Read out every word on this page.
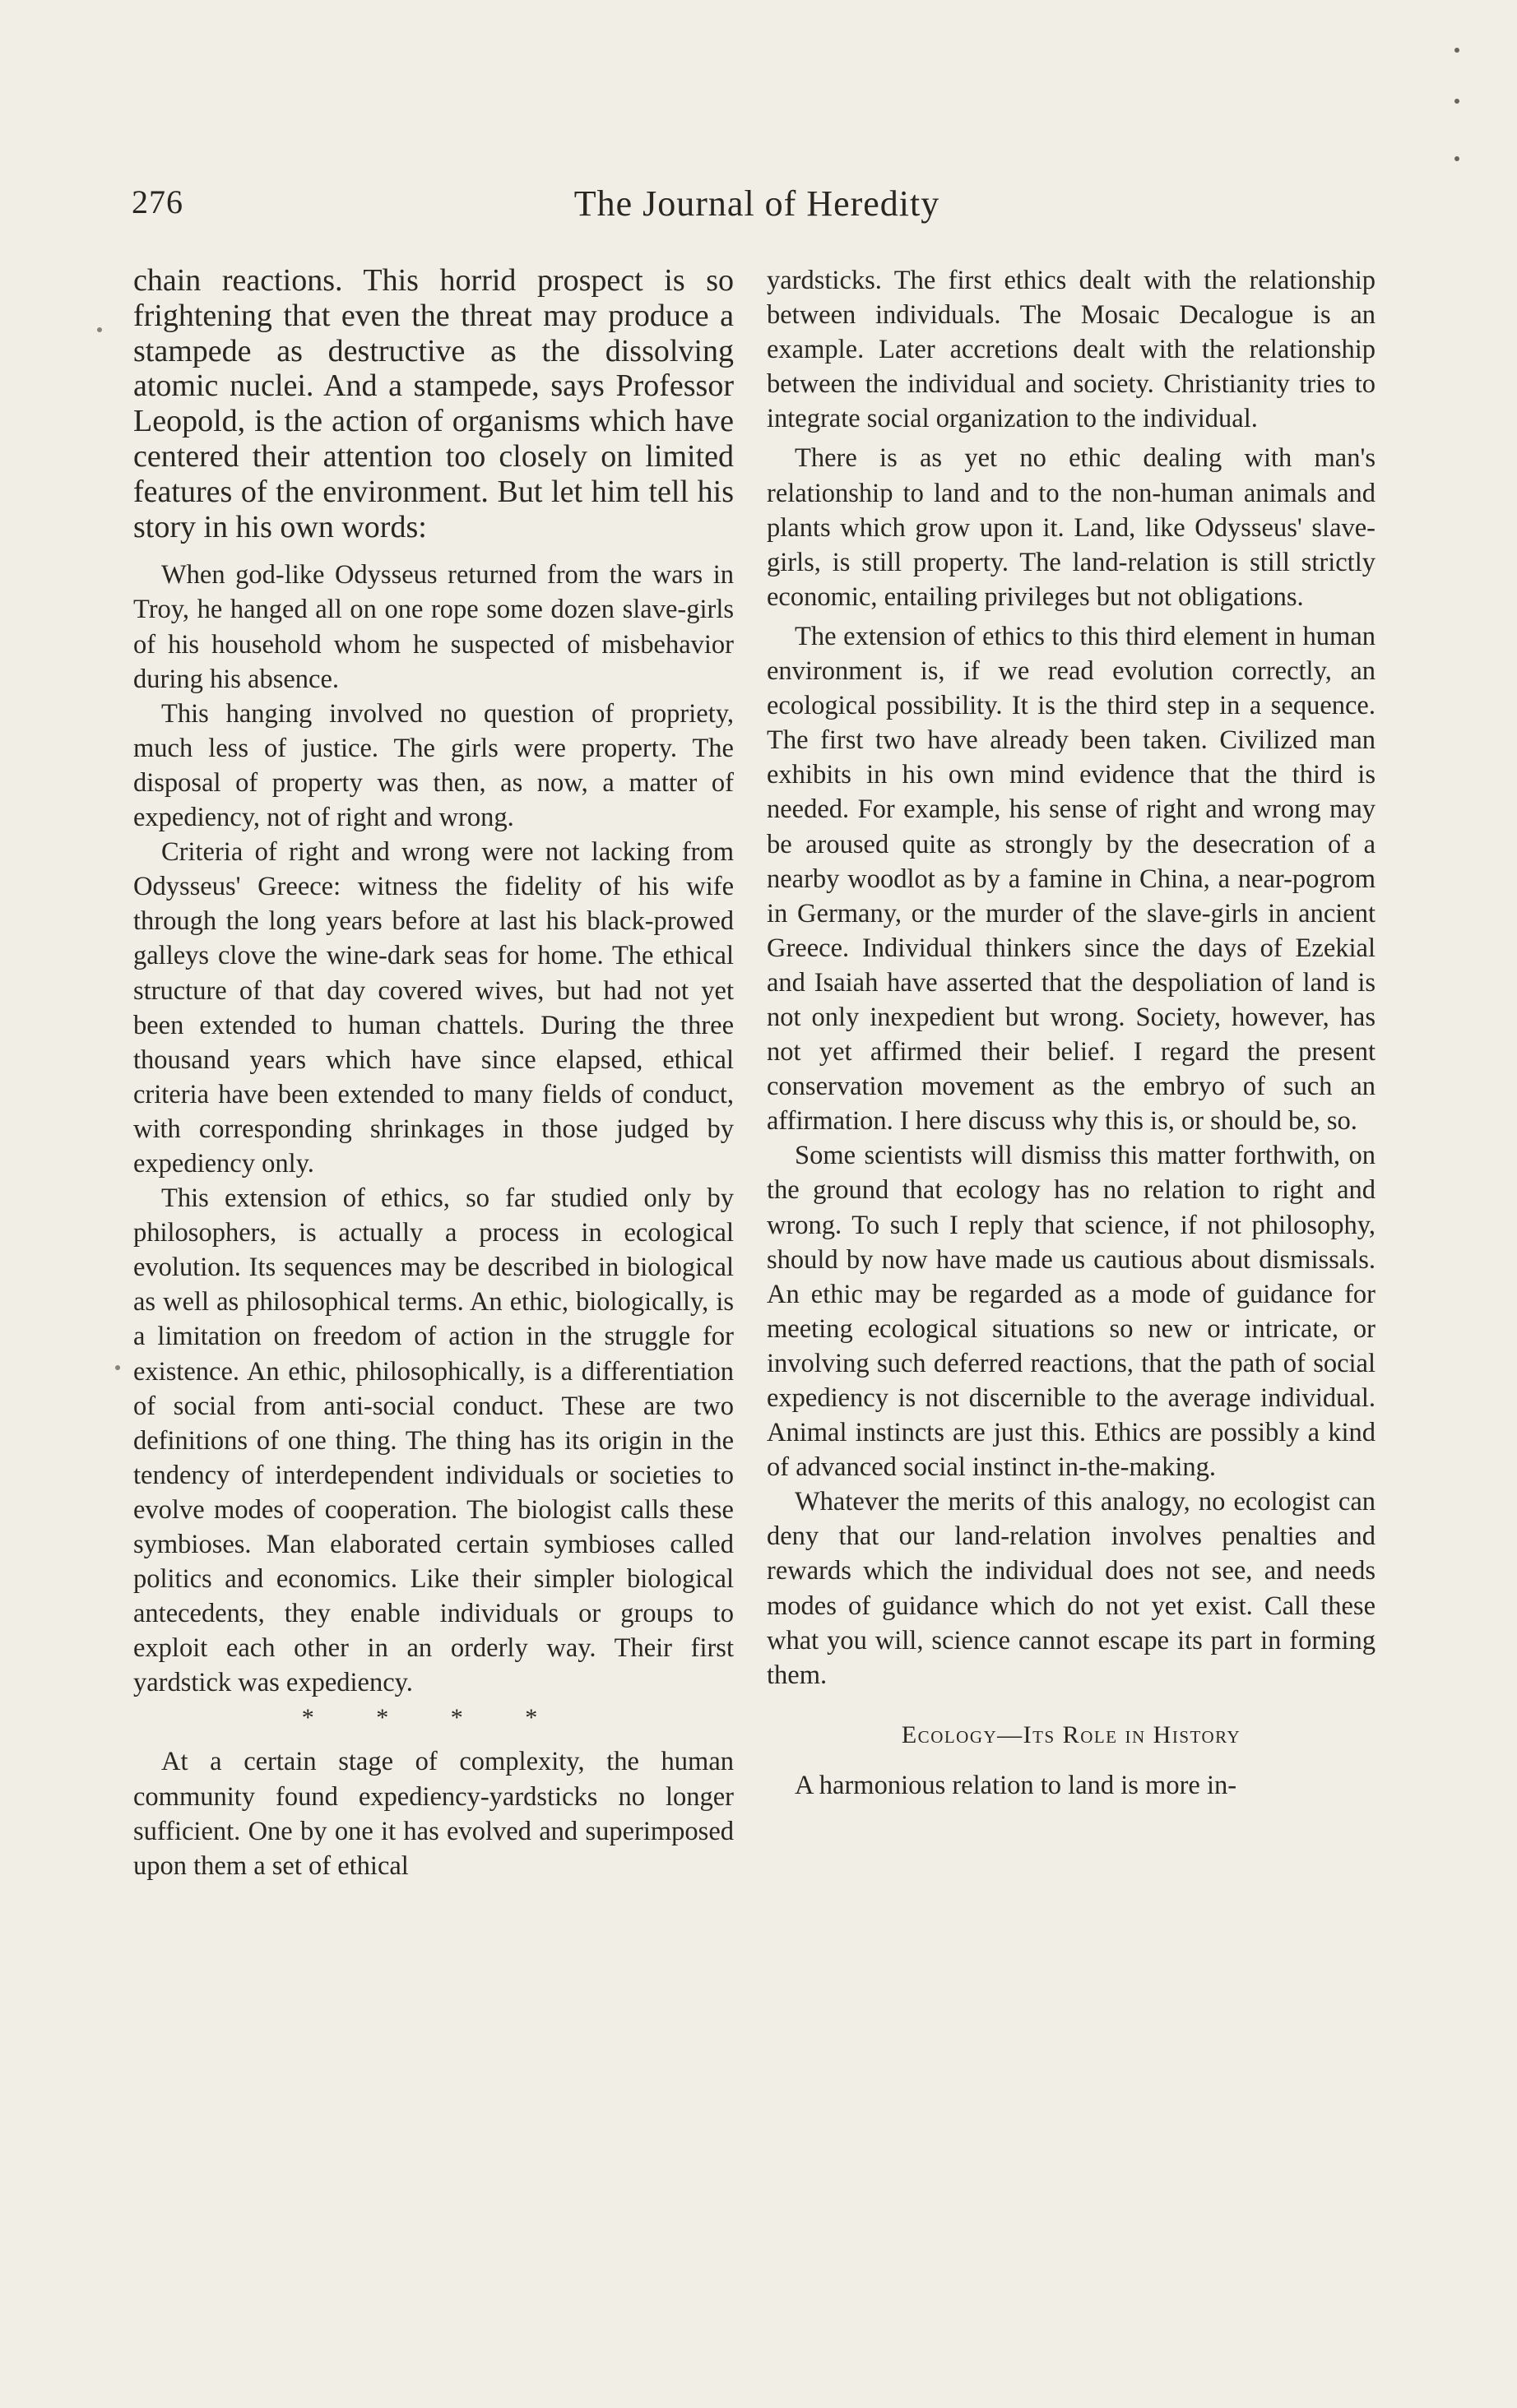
The Journal of Heredity
276
chain reactions. This horrid prospect is so frightening that even the threat may produce a stampede as destructive as the dissolving atomic nuclei. And a stampede, says Professor Leopold, is the action of organisms which have centered their attention too closely on limited features of the environment. But let him tell his story in his own words:

When god-like Odysseus returned from the wars in Troy, he hanged all on one rope some dozen slave-girls of his household whom he suspected of misbehavior during his absence.

This hanging involved no question of propriety, much less of justice. The girls were property. The disposal of property was then, as now, a matter of expediency, not of right and wrong.

Criteria of right and wrong were not lacking from Odysseus' Greece: witness the fidelity of his wife through the long years before at last his black-prowed galleys clove the wine-dark seas for home. The ethical structure of that day covered wives, but had not yet been extended to human chattels. During the three thousand years which have since elapsed, ethical criteria have been extended to many fields of conduct, with corresponding shrinkages in those judged by expediency only.

This extension of ethics, so far studied only by philosophers, is actually a process in ecological evolution. Its sequences may be described in biological as well as philosophical terms. An ethic, biologically, is a limitation on freedom of action in the struggle for existence. An ethic, philosophically, is a differentiation of social from anti-social conduct. These are two definitions of one thing. The thing has its origin in the tendency of interdependent individuals or societies to evolve modes of cooperation. The biologist calls these symbioses. Man elaborated certain symbioses called politics and economics. Like their simpler biological antecedents, they enable individuals or groups to exploit each other in an orderly way. Their first yardstick was expediency.

* * * *

At a certain stage of complexity, the human community found expediency-yardsticks no longer sufficient. One by one it has evolved and superimposed upon them a set of ethical

yardsticks. The first ethics dealt with the relationship between individuals. The Mosaic Decalogue is an example. Later accretions dealt with the relationship between the individual and society. Christianity tries to integrate social organization to the individual.

There is as yet no ethic dealing with man's relationship to land and to the non-human animals and plants which grow upon it. Land, like Odysseus' slave-girls, is still property. The land-relation is still strictly economic, entailing privileges but not obligations.

The extension of ethics to this third element in human environment is, if we read evolution correctly, an ecological possibility. It is the third step in a sequence. The first two have already been taken. Civilized man exhibits in his own mind evidence that the third is needed. For example, his sense of right and wrong may be aroused quite as strongly by the desecration of a nearby woodlot as by a famine in China, a near-pogrom in Germany, or the murder of the slave-girls in ancient Greece. Individual thinkers since the days of Ezekial and Isaiah have asserted that the despoliation of land is not only inexpedient but wrong. Society, however, has not yet affirmed their belief. I regard the present conservation movement as the embryo of such an affirmation. I here discuss why this is, or should be, so.

Some scientists will dismiss this matter forthwith, on the ground that ecology has no relation to right and wrong. To such I reply that science, if not philosophy, should by now have made us cautious about dismissals. An ethic may be regarded as a mode of guidance for meeting ecological situations so new or intricate, or involving such deferred reactions, that the path of social expediency is not discernible to the average individual. Animal instincts are just this. Ethics are possibly a kind of advanced social instinct in-the-making.

Whatever the merits of this analogy, no ecologist can deny that our land-relation involves penalties and rewards which the individual does not see, and needs modes of guidance which do not yet exist. Call these what you will, science cannot escape its part in forming them.

Ecology—Its Role in History

A harmonious relation to land is more in-
